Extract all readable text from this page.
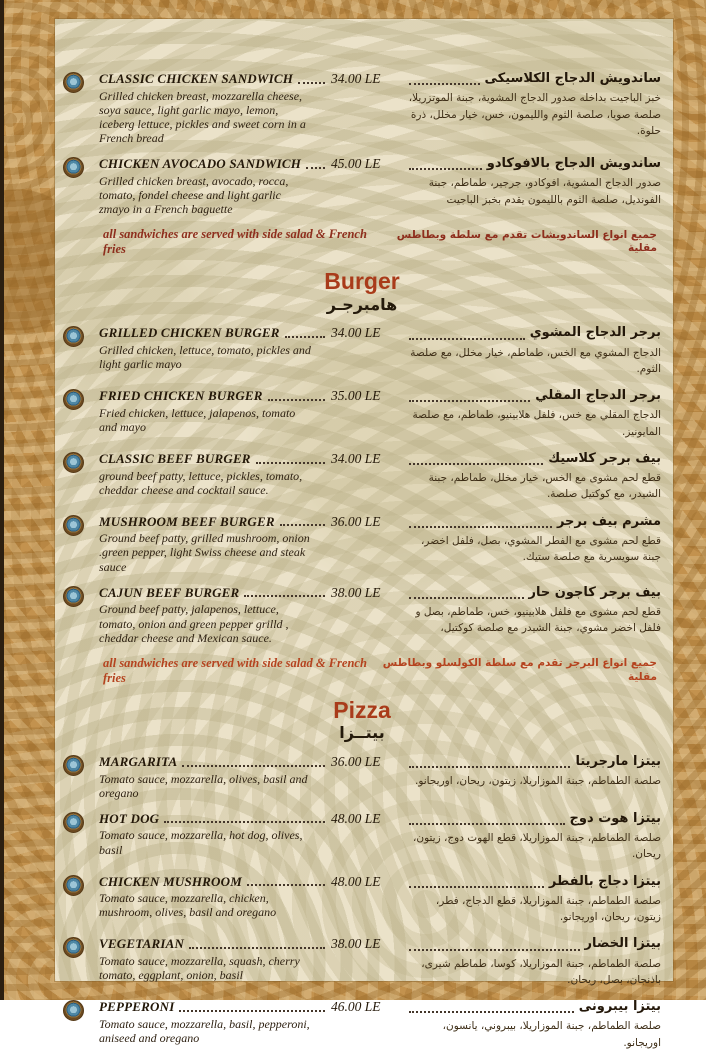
CLASSIC CHICKEN SANDWICH
Grilled chicken breast, mozzarella cheese, soya sauce, light garlic mayo, lemon, iceberg lettuce, pickles and sweet corn in a French bread
34.00 LE	ساندويش الدجاج الكلاسيكى
خبز الباجيت بداخله صدور الدجاج المشوية، جبنة الموتزريلا، صلصة صويا، صلصة الثوم والليمون، خس، خيار مخلل، ذرة حلوة.
CHICKEN AVOCADO SANDWICH
Grilled chicken breast, avocado, rocca, tomato, fondel cheese and light garlic zmayo in a French baguette
45.00 LE	ساندويش الدجاج بالافوكادو
صدور الدجاج المشوية، افوكادو، جرجير، طماطم، جبنة الفونديل، صلصة الثوم بالليمون يقدم بخبز الباجيت
all sandwiches are served with side salad & French fries
جميع انواع الساندويشات تقدم مع سلطة وبطاطس مقلية
Burger
هامبرجـر
GRILLED CHICKEN BURGER
Grilled chicken, lettuce, tomato, pickles and light garlic mayo
34.00 LE	برجر الدجاج المشوي
الدجاج المشوي مع الخس، طماطم، خيار مخلل، مع صلصة الثوم.
FRIED CHICKEN BURGER
Fried chicken, lettuce, jalapenos, tomato and mayo
35.00 LE	برجر الدجاج المقلي
الدجاج المقلي مع خس، فلفل هلابينيو، طماطم، مع صلصة المايونيز.
CLASSIC BEEF BURGER
ground beef patty, lettuce, pickles, tomato, cheddar cheese and cocktail sauce.
34.00 LE	بيف برجر كلاسيك
قطع لحم مشوى مع الخس، خيار مخلل، طماطم، جبنة الشيدر، مع كوكتيل صلصة.
MUSHROOM BEEF BURGER
Ground beef patty, grilled mushroom, onion .green pepper, light Swiss cheese and steak sauce
36.00 LE	مشرم بيف برجر
قطع لحم مشوى مع الفطر المشوي، بصل، فلفل اخضر، جبنة سويسرية مع صلصة ستيك.
CAJUN BEEF BURGER
Ground beef patty, jalapenos, lettuce, tomato, onion and green pepper grilld , cheddar cheese and Mexican sauce.
38.00 LE	بيف برجر كاجون حار
قطع لحم مشوى مع فلفل هلابينيو، خس، طماطم، بصل و فلفل اخضر مشوي، جبنة الشيدر مع صلصة كوكتيل،
all sandwiches are served with side salad & French fries
جميع انواع البرجر تقدم مع سلطة الكولسلو وبطاطس مقلية
Pizza
بيتــزا
MARGARITA
Tomato sauce, mozzarella, olives, basil and oregano
36.00 LE	بيتزا مارجريتا
صلصة الطماطم، جبنة الموزاريلا، زيتون، ريحان، اوريجانو.
HOT DOG
Tomato sauce, mozzarella, hot dog, olives, basil
48.00 LE	بيتزا هوت دوج
صلصة الطماطم، جبنة الموزاريلا، قطع الهوت دوج، زيتون، ريحان.
CHICKEN MUSHROOM
Tomato sauce, mozzarella, chicken, mushroom, olives, basil and oregano
48.00 LE	بيتزا دجاج بالفطر
صلصة الطماطم، جبنة الموزاريلا، قطع الدجاج، فطر، زيتون، ريحان، اوريجانو.
VEGETARIAN
Tomato sauce, mozzarella, squash, cherry tomato, eggplant, onion, basil
38.00 LE	بيتزا الخضار
صلصة الطماطم، جبنة الموزاريلا، كوسا، طماطم شيرى، باذنجان، بصل، ريحان.
PEPPERONI
Tomato sauce, mozzarella, basil, pepperoni, aniseed and oregano
46.00 LE	بيتزا بيبرونى
صلصة الطماطم، جبنة الموزاريلا، بيبروني، يانسون، اوريجانو.
